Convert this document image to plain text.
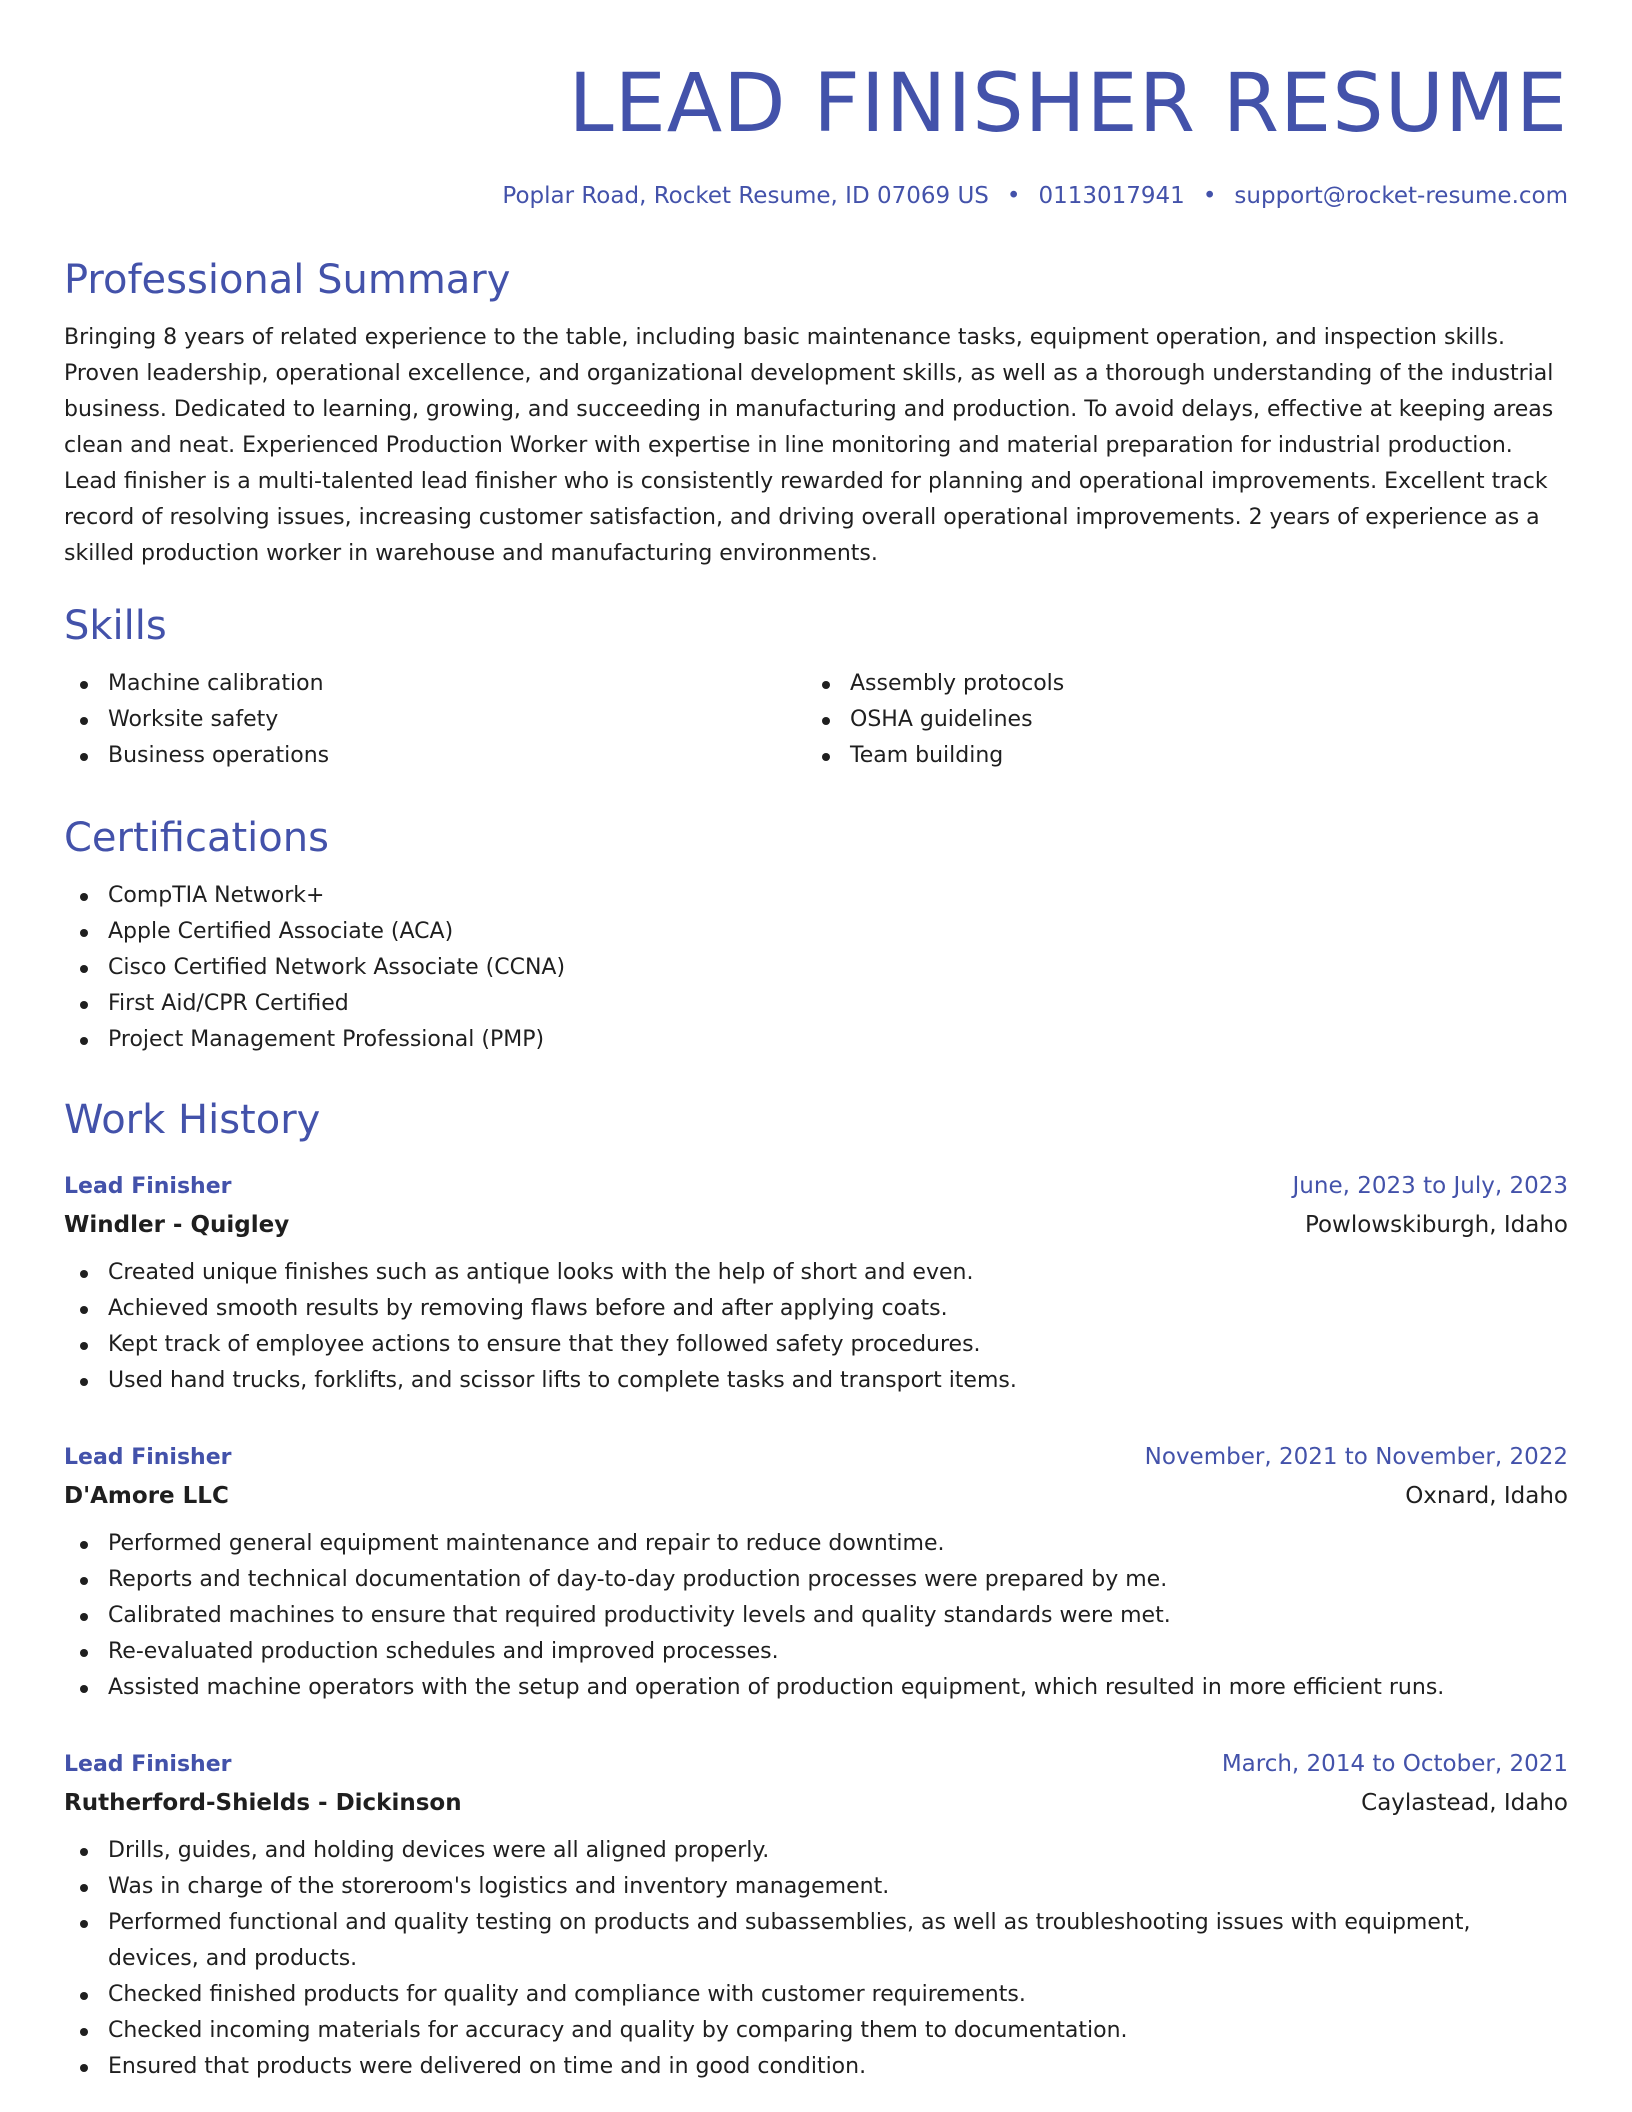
LEAD FINISHER RESUME
Poplar Road, Rocket Resume, ID 07069 US • 0113017941 • support@rocket-resume.com
Professional Summary

Bringing 8 years of related experience to the table, including basic maintenance tasks, equipment operation, and inspection skills. Proven leadership, operational excellence, and organizational development skills, as well as a thorough understanding of the industrial business. Dedicated to learning, growing, and succeeding in manufacturing and production. To avoid delays, effective at keeping areas clean and neat. Experienced Production Worker with expertise in line monitoring and material preparation for industrial production. Lead finisher is a multi-talented lead finisher who is consistently rewarded for planning and operational improvements. Excellent track record of resolving issues, increasing customer satisfaction, and driving overall operational improvements. 2 years of experience as a skilled production worker in warehouse and manufacturing environments.

Skills
Machine calibration
Worksite safety
Business operations
Assembly protocols
OSHA guidelines
Team building
Certifications
CompTIA Network+
Apple Certified Associate (ACA)
Cisco Certified Network Associate (CCNA)
First Aid/CPR Certified
Project Management Professional (PMP)
Work History
Lead Finisher	June, 2023 to July, 2023
Windler - Quigley	Powlowskiburgh, Idaho
Created unique finishes such as antique looks with the help of short and even.
Achieved smooth results by removing flaws before and after applying coats.
Kept track of employee actions to ensure that they followed safety procedures.
Used hand trucks, forklifts, and scissor lifts to complete tasks and transport items.
Lead Finisher	November, 2021 to November, 2022
D'Amore LLC	Oxnard, Idaho
Performed general equipment maintenance and repair to reduce downtime.
Reports and technical documentation of day-to-day production processes were prepared by me.
Calibrated machines to ensure that required productivity levels and quality standards were met.
Re-evaluated production schedules and improved processes.
Assisted machine operators with the setup and operation of production equipment, which resulted in more efficient runs.
Lead Finisher	March, 2014 to October, 2021
Rutherford-Shields - Dickinson	Caylastead, Idaho
Drills, guides, and holding devices were all aligned properly.
Was in charge of the storeroom's logistics and inventory management.
Performed functional and quality testing on products and subassemblies, as well as troubleshooting issues with equipment, devices, and products.
Checked finished products for quality and compliance with customer requirements.
Checked incoming materials for accuracy and quality by comparing them to documentation.
Ensured that products were delivered on time and in good condition.
